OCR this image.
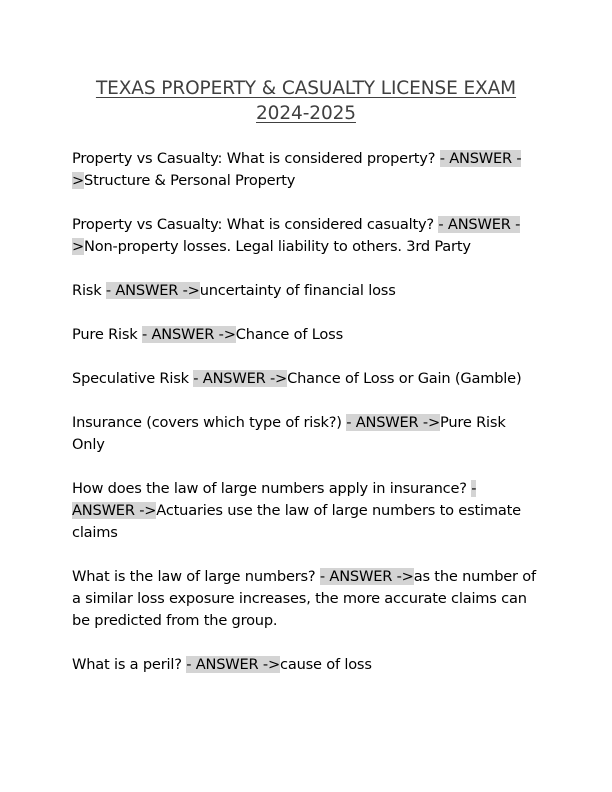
TEXAS PROPERTY & CASUALTY LICENSE EXAM 2024-2025

Property vs Casualty: What is considered property? - ANSWER ->Structure & Personal Property

Property vs Casualty: What is considered casualty? - ANSWER ->Non-property losses. Legal liability to others. 3rd Party

Risk - ANSWER ->uncertainty of financial loss

Pure Risk - ANSWER ->Chance of Loss

Speculative Risk - ANSWER ->Chance of Loss or Gain (Gamble)

Insurance (covers which type of risk?) - ANSWER ->Pure Risk Only

How does the law of large numbers apply in insurance? - ANSWER ->Actuaries use the law of large numbers to estimate claims

What is the law of large numbers? - ANSWER ->as the number of a similar loss exposure increases, the more accurate claims can be predicted from the group.

What is a peril? - ANSWER ->cause of loss
